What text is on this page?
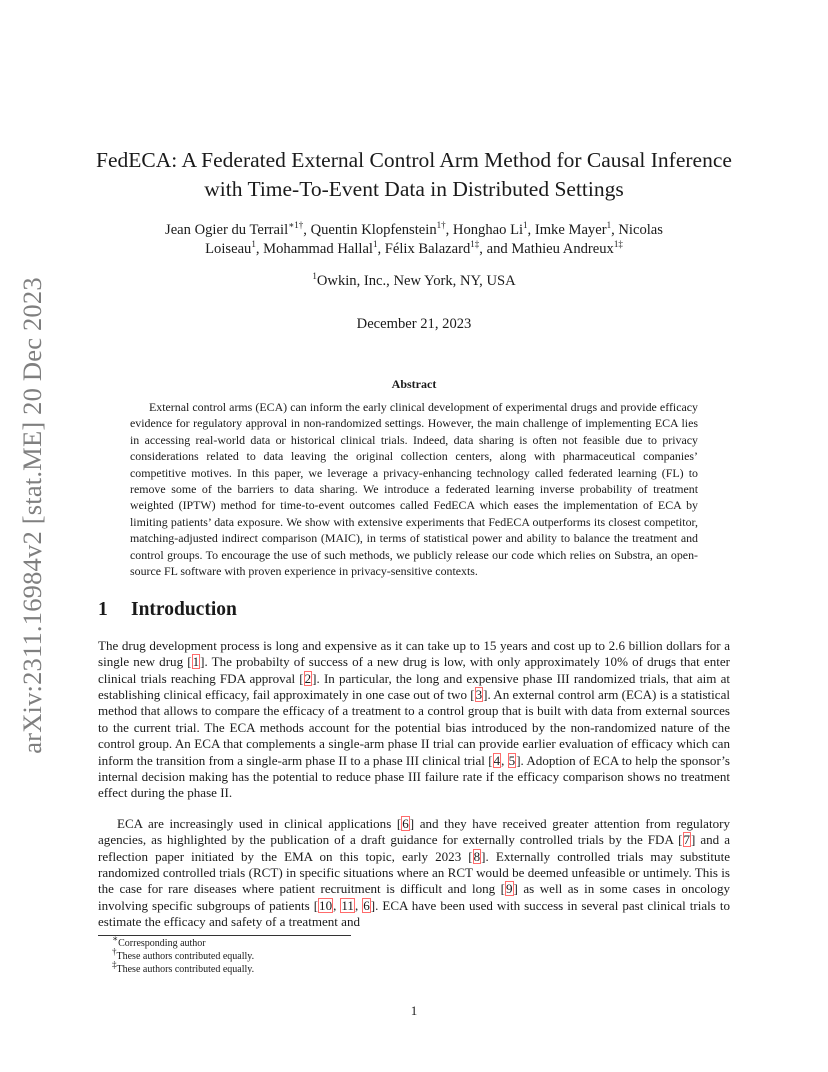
arXiv:2311.16984v2 [stat.ME] 20 Dec 2023
FedECA: A Federated External Control Arm Method for Causal Inference with Time-To-Event Data in Distributed Settings
Jean Ogier du Terrail$^{∗1\dagger}$, Quentin Klopfenstein$^{1\dagger}$, Honghao Li$^1$, Imke Mayer$^1$, Nicolas
Loiseau$^1$, Mohammad Hallal$^1$, Félix Balazard$^{1\ddagger}$, and Mathieu Andreux$^{1\ddagger}$
$^1$Owkin, Inc., New York, NY, USA
December 21, 2023
Abstract

External control arms (ECA) can inform the early clinical development of experimental drugs and provide efficacy evidence for regulatory approval in non-randomized settings. However, the main challenge of implementing ECA lies in accessing real-world data or historical clinical trials. Indeed, data sharing is often not feasible due to privacy considerations related to data leaving the original collection centers, along with pharmaceutical companies’ competitive motives. In this paper, we leverage a privacy-enhancing technology called federated learning (FL) to remove some of the barriers to data sharing. We introduce a federated learning inverse probability of treatment weighted (IPTW) method for time-to-event outcomes called FedECA which eases the implementation of ECA by limiting patients’ data exposure. We show with extensive experiments that FedECA outperforms its closest competitor, matching-adjusted indirect comparison (MAIC), in terms of statistical power and ability to balance the treatment and control groups. To encourage the use of such methods, we publicly release our code which relies on Substra, an open-source FL software with proven experience in privacy-sensitive contexts.

1 Introduction

The drug development process is long and expensive as it can take up to 15 years and cost up to 2.6 billion dollars for a single new drug [1]. The probabilty of success of a new drug is low, with only approximately 10% of drugs that enter clinical trials reaching FDA approval [2]. In particular, the long and expensive phase III randomized trials, that aim at establishing clinical efficacy, fail approximately in one case out of two [3]. An external control arm (ECA) is a statistical method that allows to compare the efficacy of a treatment to a control group that is built with data from external sources to the current trial. The ECA methods account for the potential bias introduced by the non-randomized nature of the control group. An ECA that complements a single-arm phase II trial can provide earlier evaluation of efficacy which can inform the transition from a single-arm phase II to a phase III clinical trial [4, 5]. Adoption of ECA to help the sponsor’s internal decision making has the potential to reduce phase III failure rate if the efficacy comparison shows no treatment effect during the phase II.

ECA are increasingly used in clinical applications [6] and they have received greater attention from regulatory agencies, as highlighted by the publication of a draft guidance for externally controlled trials by the FDA [7] and a reflection paper initiated by the EMA on this topic, early 2023 [8]. Externally controlled trials may substitute randomized controlled trials (RCT) in specific situations where an RCT would be deemed unfeasible or untimely. This is the case for rare diseases where patient recruitment is difficult and long [9] as well as in some cases in oncology involving specific subgroups of patients [10, 11, 6]. ECA have been used with success in several past clinical trials to estimate the efficacy and safety of a treatment and

∗Corresponding author
†These authors contributed equally.
‡These authors contributed equally.
1
